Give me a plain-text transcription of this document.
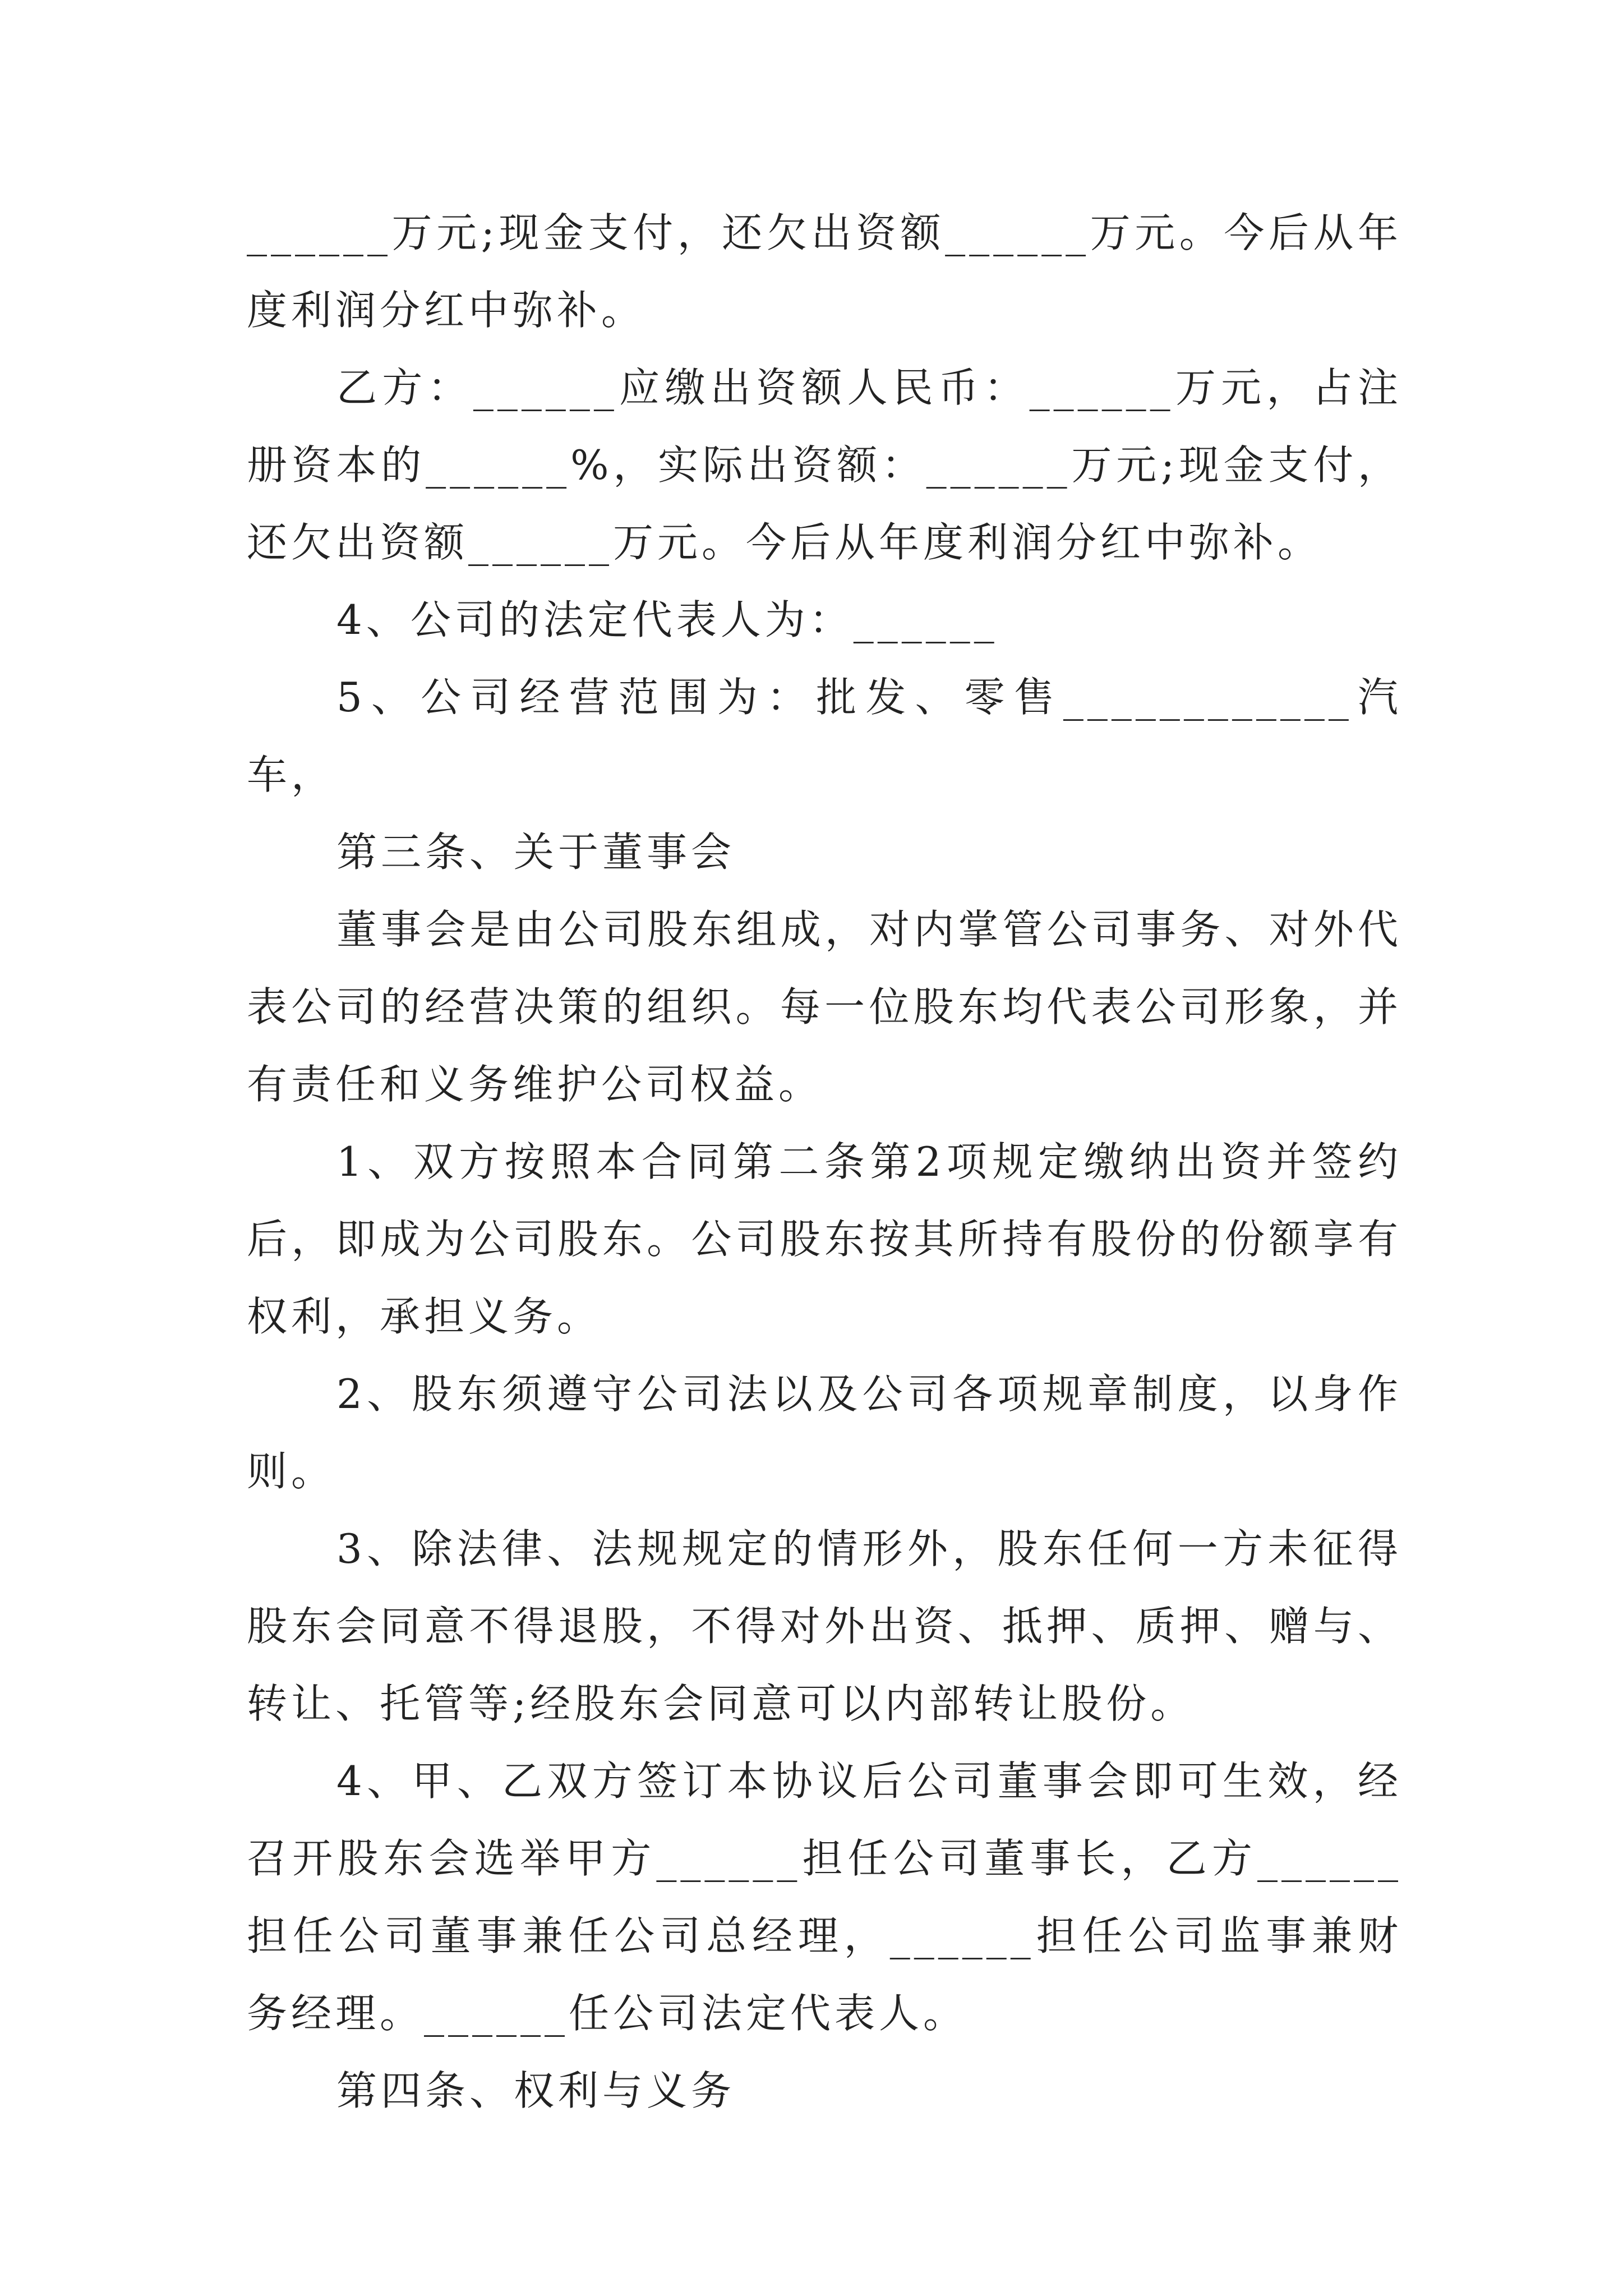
______万元;现金支付，还欠出资额______万元。今后从年度利润分红中弥补。

乙方：______应缴出资额人民币：______万元，占注册资本的______%，实际出资额：______万元;现金支付，还欠出资额______万元。今后从年度利润分红中弥补。

4、公司的法定代表人为：______

5、公司经营范围为：批发、零售____________汽车，

第三条、关于董事会

董事会是由公司股东组成，对内掌管公司事务、对外代表公司的经营决策的组织。每一位股东均代表公司形象，并有责任和义务维护公司权益。

1、双方按照本合同第二条第2项规定缴纳出资并签约后，即成为公司股东。公司股东按其所持有股份的份额享有权利，承担义务。

2、股东须遵守公司法以及公司各项规章制度，以身作则。

3、除法律、法规规定的情形外，股东任何一方未征得股东会同意不得退股，不得对外出资、抵押、质押、赠与、转让、托管等;经股东会同意可以内部转让股份。

4、甲、乙双方签订本协议后公司董事会即可生效，经召开股东会选举甲方______担任公司董事长，乙方______担任公司董事兼任公司总经理，______担任公司监事兼财务经理。______任公司法定代表人。

第四条、权利与义务
